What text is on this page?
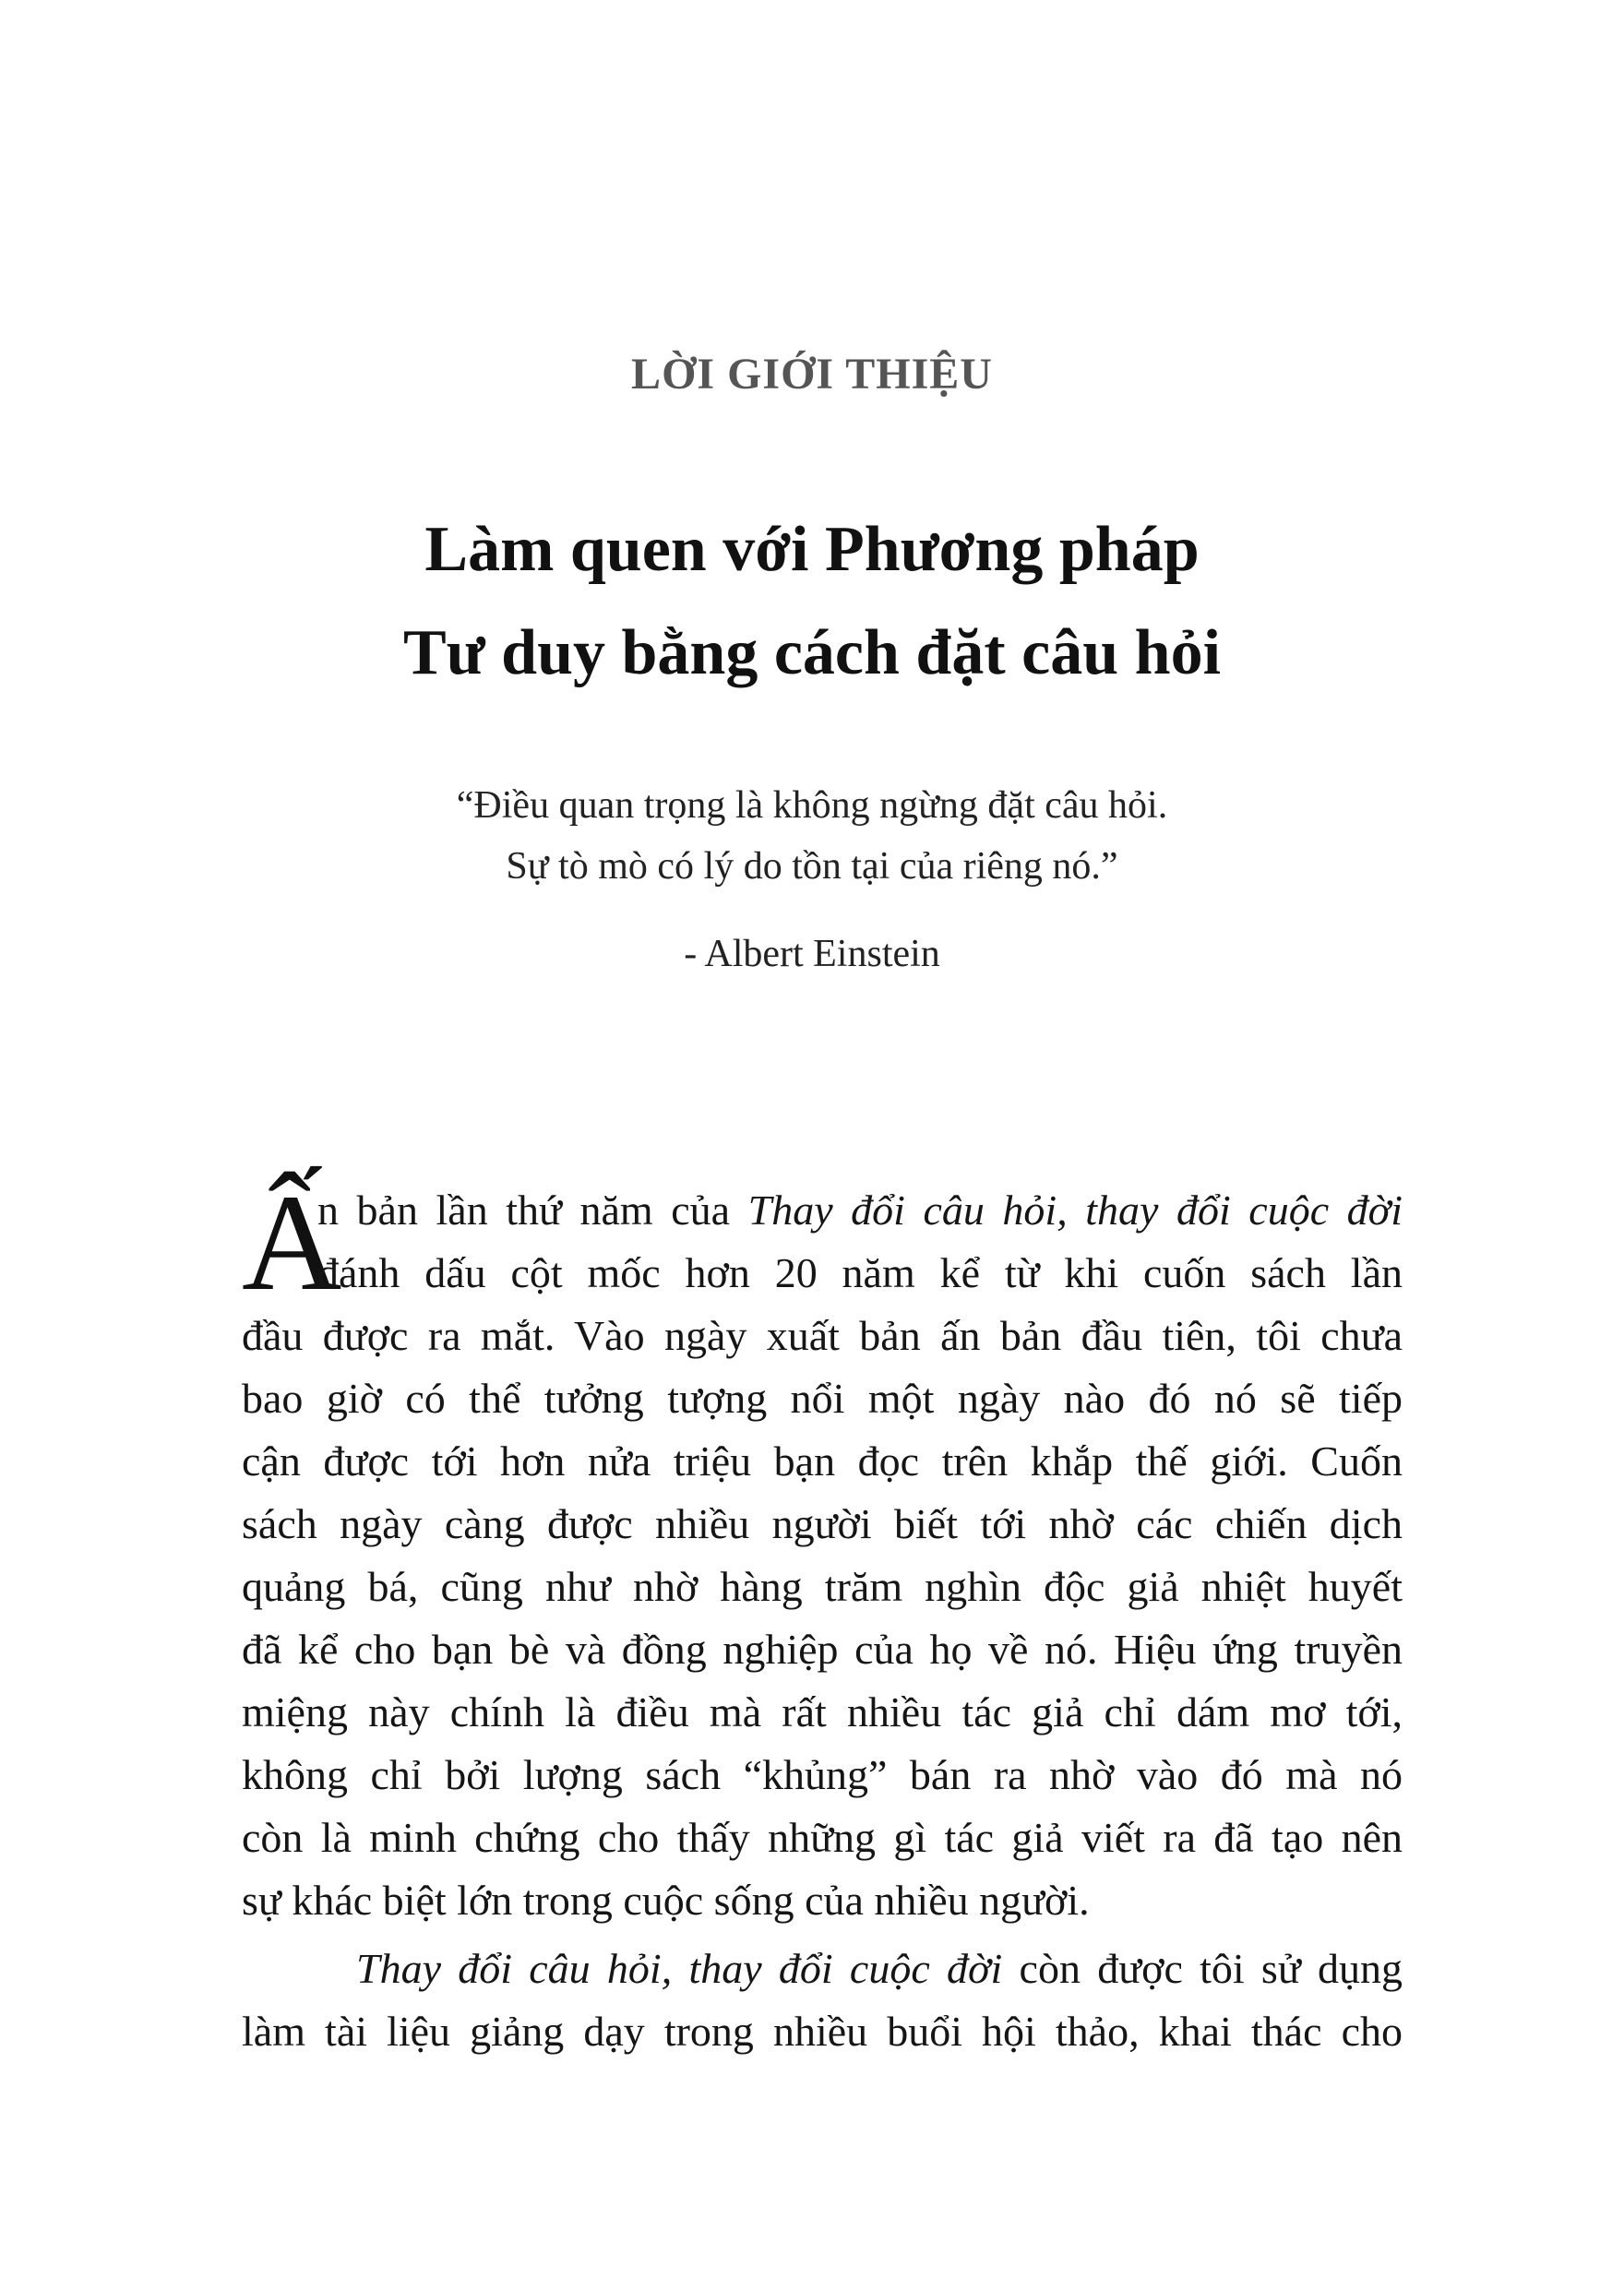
LỜI GIỚI THIỆU
Làm quen với Phương pháp
Tư duy bằng cách đặt câu hỏi
“Điều quan trọng là không ngừng đặt câu hỏi.
Sự tò mò có lý do tồn tại của riêng nó.”
- Albert Einstein
Ấ
n bản lần thứ năm của Thay đổi câu hỏi, thay đổi cuộc đời
đánh dấu cột mốc hơn 20 năm kể từ khi cuốn sách lần
đầu được ra mắt. Vào ngày xuất bản ấn bản đầu tiên, tôi chưa
bao giờ có thể tưởng tượng nổi một ngày nào đó nó sẽ tiếp
cận được tới hơn nửa triệu bạn đọc trên khắp thế giới. Cuốn
sách ngày càng được nhiều người biết tới nhờ các chiến dịch
quảng bá, cũng như nhờ hàng trăm nghìn độc giả nhiệt huyết
đã kể cho bạn bè và đồng nghiệp của họ về nó. Hiệu ứng truyền
miệng này chính là điều mà rất nhiều tác giả chỉ dám mơ tới,
không chỉ bởi lượng sách “khủng” bán ra nhờ vào đó mà nó
còn là minh chứng cho thấy những gì tác giả viết ra đã tạo nên
sự khác biệt lớn trong cuộc sống của nhiều người.
Thay đổi câu hỏi, thay đổi cuộc đời còn được tôi sử dụng
làm tài liệu giảng dạy trong nhiều buổi hội thảo, khai thác cho
